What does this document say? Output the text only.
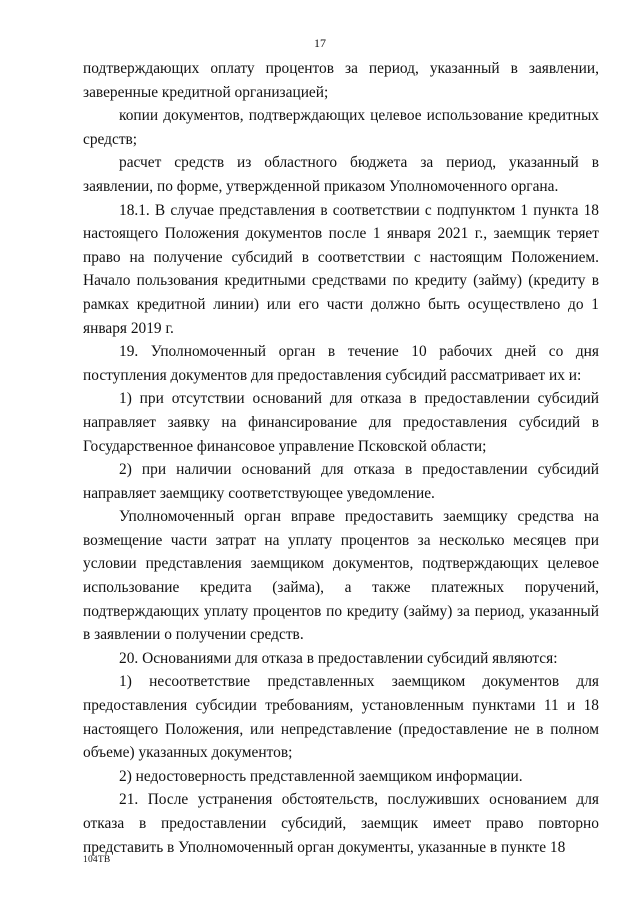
17

подтверждающих оплату процентов за период, указанный в заявлении, заверенные кредитной организацией;

копии документов, подтверждающих целевое использование кредитных средств;

расчет средств из областного бюджета за период, указанный в заявлении, по форме, утвержденной приказом Уполномоченного органа.

18.1. В случае представления в соответствии с подпунктом 1 пункта 18 настоящего Положения документов после 1 января 2021 г., заемщик теряет право на получение субсидий в соответствии с настоящим Положением. Начало пользования кредитными средствами по кредиту (займу) (кредиту в рамках кредитной линии) или его части должно быть осуществлено до 1 января 2019 г.

19. Уполномоченный орган в течение 10 рабочих дней со дня поступления документов для предоставления субсидий рассматривает их и:

1) при отсутствии оснований для отказа в предоставлении субсидий направляет заявку на финансирование для предоставления субсидий в Государственное финансовое управление Псковской области;

2) при наличии оснований для отказа в предоставлении субсидий направляет заемщику соответствующее уведомление.

Уполномоченный орган вправе предоставить заемщику средства на возмещение части затрат на уплату процентов за несколько месяцев при условии представления заемщиком документов, подтверждающих целевое использование кредита (займа), а также платежных поручений, подтверждающих уплату процентов по кредиту (займу) за период, указанный в заявлении о получении средств.

20. Основаниями для отказа в предоставлении субсидий являются:

1) несоответствие представленных заемщиком документов для предоставления субсидии требованиям, установленным пунктами 11 и 18 настоящего Положения, или непредставление (предоставление не в полном объеме) указанных документов;

2) недостоверность представленной заемщиком информации.

21. После устранения обстоятельств, послуживших основанием для отказа в предоставлении субсидий, заемщик имеет право повторно представить в Уполномоченный орган документы, указанные в пункте 18

104ТВ
